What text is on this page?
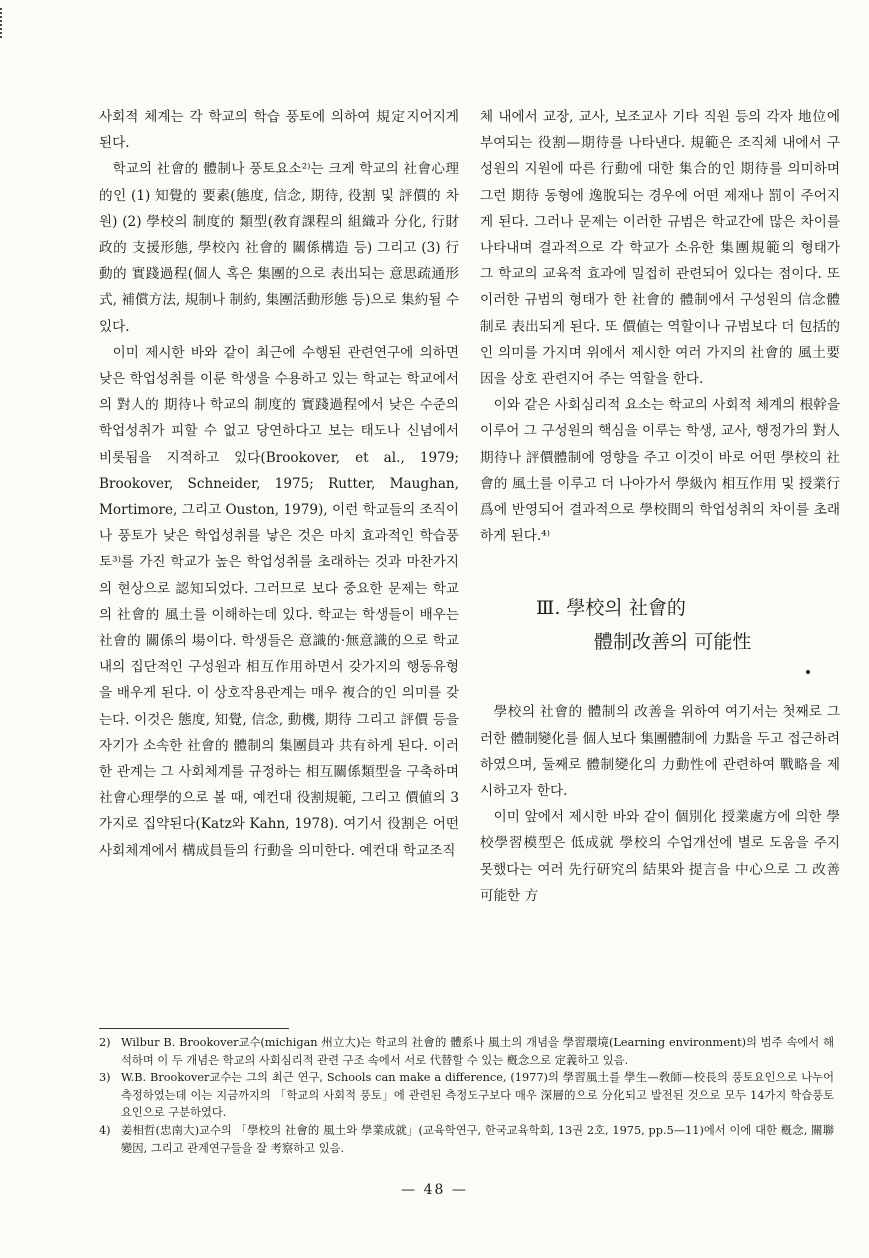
사회적 체계는 각 학교의 학습 풍토에 의하여 規定지어지게 된다.

학교의 社會的 體制나 풍토요소²⁾는 크게 학교의 社會心理的인 (1) 知覺的 要素(態度, 信念, 期待, 役割 및 評價的 차원) (2) 學校의 制度的 類型(敎育課程의 組織과 分化, 行財政的 支援形態, 學校內 社會的 關係構造 등) 그리고 (3) 行動的 實踐過程(個人 혹은 集團的으로 表出되는 意思疏通形式, 補償方法, 規制나 制約, 集團活動形態 등)으로 集約될 수 있다.

이미 제시한 바와 같이 최근에 수행된 관련연구에 의하면 낮은 학업성취를 이룬 학생을 수용하고 있는 학교는 학교에서의 對人的 期待나 학교의 制度的 實踐過程에서 낮은 수준의 학업성취가 피할 수 없고 당연하다고 보는 태도나 신념에서 비롯됨을 지적하고 있다(Brookover, et al., 1979; Brookover, Schneider, 1975; Rutter, Maughan, Mortimore, 그리고 Ouston, 1979), 이런 학교들의 조직이나 풍토가 낮은 학업성취를 낳은 것은 마치 효과적인 학습풍토³⁾를 가진 학교가 높은 학업성취를 초래하는 것과 마찬가지의 현상으로 認知되었다. 그러므로 보다 중요한 문제는 학교의 社會的 風土를 이해하는데 있다. 학교는 학생들이 배우는 社會的 關係의 場이다. 학생들은 意識的·無意識的으로 학교내의 집단적인 구성원과 相互作用하면서 갖가지의 행동유형을 배우게 된다. 이 상호작용관계는 매우 複合的인 의미를 갖는다. 이것은 態度, 知覺, 信念, 動機, 期待 그리고 評價 등을 자기가 소속한 社會的 體制의 集團員과 共有하게 된다. 이러한 관계는 그 사회체계를 규정하는 相互關係類型을 구축하며 社會心理學的으로 볼 때, 예컨대 役割規範, 그리고 價値의 3가지로 집약된다(Katz와 Kahn, 1978). 여기서 役割은 어떤 사회체계에서 構成員들의 行動을 의미한다. 예컨대 학교조직

체 내에서 교장, 교사, 보조교사 기타 직원 등의 각자 地位에 부여되는 役割—期待를 나타낸다. 規範은 조직체 내에서 구성원의 지원에 따른 行動에 대한 集合的인 期待를 의미하며 그런 期待 동형에 逸脫되는 경우에 어떤 제재나 罰이 주어지게 된다. 그러나 문제는 이러한 규범은 학교간에 많은 차이를 나타내며 결과적으로 각 학교가 소유한 集團規範의 형태가 그 학교의 교육적 효과에 밀접히 관련되어 있다는 점이다. 또 이러한 규범의 형태가 한 社會的 體制에서 구성원의 信念體制로 表出되게 된다. 또 價値는 역할이나 규범보다 더 包括的인 의미를 가지며 위에서 제시한 여러 가지의 社會的 風土要因을 상호 관련지어 주는 역할을 한다.

이와 같은 사회심리적 요소는 학교의 사회적 체계의 根幹을 이루어 그 구성원의 핵심을 이루는 학생, 교사, 행정가의 對人期待나 評價體制에 영향을 주고 이것이 바로 어떤 學校의 社會的 風土를 이루고 더 나아가서 學級內 相互作用 및 授業行爲에 반영되어 결과적으로 學校間의 학업성취의 차이를 초래하게 된다.⁴⁾

Ⅲ. 學校의 社會的
體制改善의 可能性

學校의 社會的 體制의 改善을 위하여 여기서는 첫째로 그러한 體制變化를 個人보다 集團體制에 力點을 두고 접근하려 하였으며, 둘째로 體制變化의 力動性에 관련하여 戰略을 제시하고자 한다.

이미 앞에서 제시한 바와 같이 個別化 授業處方에 의한 學校學習模型은 低成就 學校의 수업개선에 별로 도움을 주지 못했다는 여러 先行研究의 結果와 提言을 中心으로 그 改善可能한 方

2) Wilbur B. Brookover교수(michigan 州立大)는 학교의 社會的 體系나 風土의 개념을 學習環境(Learning environment)의 범주 속에서 해석하며 이 두 개념은 학교의 사회심리적 관련 구조 속에서 서로 代替할 수 있는 槪念으로 定義하고 있음.
3) W.B. Brookover교수는 그의 최근 연구, Schools can make a difference, (1977)의 學習風土를 學生—敎師—校長의 풍토요인으로 나누어 측정하였는데 이는 지금까지의 「학교의 사회적 풍토」에 관련된 측정도구보다 매우 深層的으로 分化되고 발전된 것으로 모두 14가지 학습풍토 요인으로 구분하였다.
4) 姜相哲(忠南大)교수의 「學校의 社會的 風土와 學業成就」(교육학연구, 한국교육학회, 13권 2호, 1975, pp.5—11)에서 이에 대한 槪念, 關聯變因, 그리고 관계연구들을 잘 考察하고 있음.
— 48 —
